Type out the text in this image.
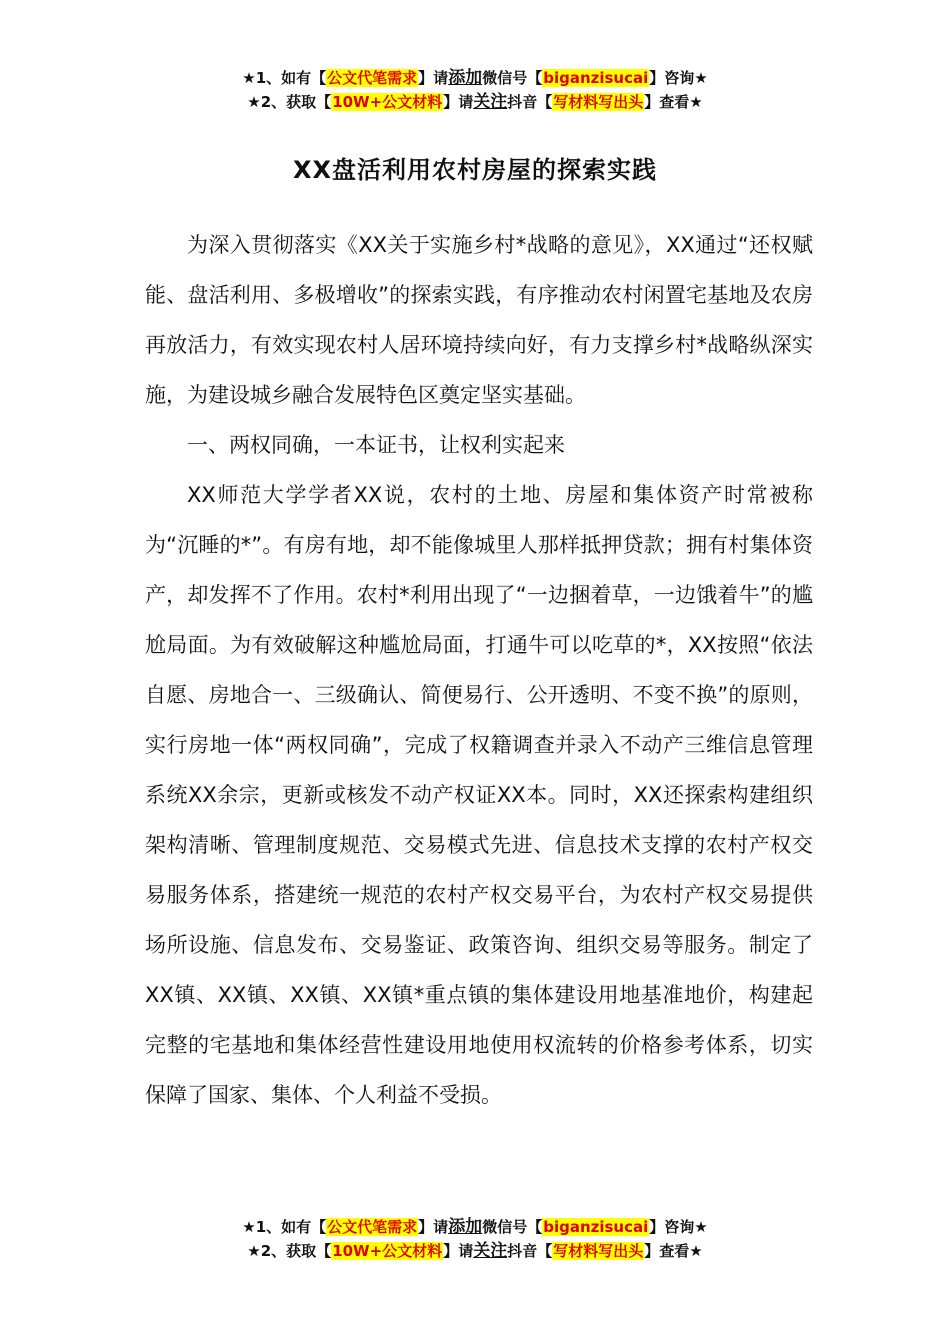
★1、如有【公文代笔需求】请添加微信号【biganzisucai】咨询★
★2、获取【10W+公文材料】请关注抖音【写材料写出头】查看★
XX盘活利用农村房屋的探索实践

为深入贯彻落实《XX关于实施乡村*战略的意见》，XX通过“还权赋能、盘活利用、多极增收”的探索实践，有序推动农村闲置宅基地及农房再放活力，有效实现农村人居环境持续向好，有力支撑乡村*战略纵深实施，为建设城乡融合发展特色区奠定坚实基础。

一、两权同确，一本证书，让权利实起来

XX师范大学学者XX说，农村的土地、房屋和集体资产时常被称为“沉睡的*”。有房有地，却不能像城里人那样抵押贷款；拥有村集体资产，却发挥不了作用。农村*利用出现了“一边捆着草，一边饿着牛”的尴尬局面。为有效破解这种尴尬局面，打通牛可以吃草的*，XX按照“依法自愿、房地合一、三级确认、简便易行、公开透明、不变不换”的原则，实行房地一体“两权同确”，完成了权籍调查并录入不动产三维信息管理系统XX余宗，更新或核发不动产权证XX本。同时，XX还探索构建组织架构清晰、管理制度规范、交易模式先进、信息技术支撑的农村产权交易服务体系，搭建统一规范的农村产权交易平台，为农村产权交易提供场所设施、信息发布、交易鉴证、政策咨询、组织交易等服务。制定了XX镇、XX镇、XX镇、XX镇*重点镇的集体建设用地基准地价，构建起完整的宅基地和集体经营性建设用地使用权流转的价格参考体系，切实保障了国家、集体、个人利益不受损。

★1、如有【公文代笔需求】请添加微信号【biganzisucai】咨询★
★2、获取【10W+公文材料】请关注抖音【写材料写出头】查看★
